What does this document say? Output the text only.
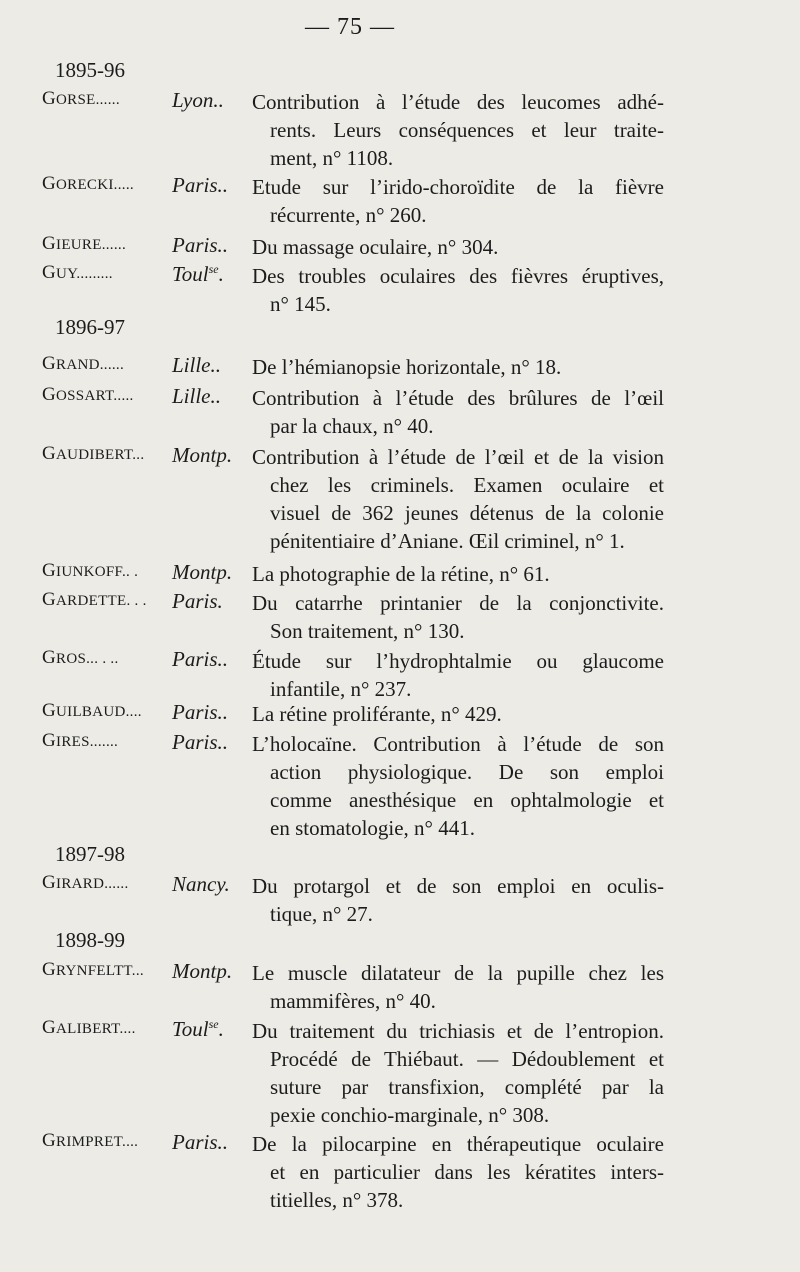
— 75 —
1895-96
GORSE...... Lyon.. Contribution à l’étude des leucomes adhé-
rents. Leurs conséquences et leur traite-
ment, n° 1108.
GORECKI..... Paris.. Etude sur l’irido-choroïdite de la fièvre
récurrente, n° 260.
GIEURE...... Paris.. Du massage oculaire, n° 304.
GUY.........	Toul$^{se}$. Des troubles oculaires des fièvres éruptives,
n° 145.
1896-97
GRAND...... Lille.. De l’hémianopsie horizontale, n° 18.
GOSSART..... Lille.. Contribution à l’étude des brûlures de l’œil
par la chaux, n° 40.
GAUDIBERT... Montp. Contribution à l’étude de l’œil et de la vision
chez les criminels. Examen oculaire et
visuel de 362 jeunes détenus de la colonie
pénitentiaire d’Aniane. Œil criminel, n° 1.
GIUNKOFF.. . Montp. La photographie de la rétine, n° 61.
GARDETTE. . . Paris. Du catarrhe printanier de la conjonctivite.
Son traitement, n° 130.
GROS... . ..	Paris.. Étude sur l’hydrophtalmie ou glaucome
infantile, n° 237.
GUILBAUD.... Paris.. La rétine proliférante, n° 429.
GIRES.......	Paris.. L’holocaïne. Contribution à l’étude de son
action physiologique. De son emploi
comme anesthésique en ophtalmologie et
en stomatologie, n° 441.
1897-98
GIRARD...... Nancy. Du protargol et de son emploi en oculis-
tique, n° 27.
1898-99
GRYNFELTT... Montp. Le muscle dilatateur de la pupille chez les
mammifères, n° 40.
GALIBERT.... Toul$^{se}$. Du traitement du trichiasis et de l’entropion.
Procédé de Thiébaut. — Dédoublement et
suture par transfixion, complété par la
pexie conchio-marginale, n° 308.
GRIMPRET.... Paris.. De la pilocarpine en thérapeutique oculaire
et en particulier dans les kératites inters-
titielles, n° 378.
